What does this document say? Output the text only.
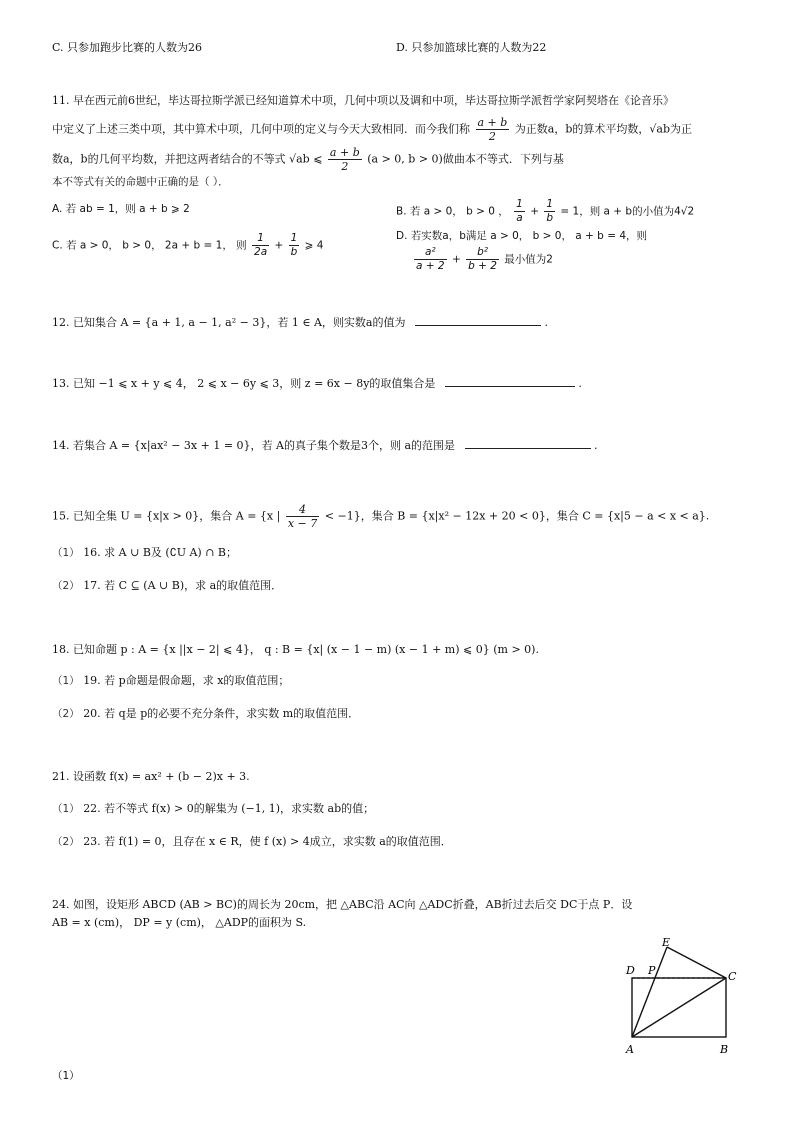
C. 只参加跑步比赛的人数为26	D. 只参加篮球比赛的人数为22
11. 早在西元前6世纪，毕达哥拉斯学派已经知道算术中项，几何中项以及调和中项，毕达哥拉斯学派哲学家阿契塔在《论音乐》
中定义了上述三类中项，其中算术中项，几何中项的定义与今天大致相同．而今我们称 $\frac{a + b}{2}$ 为正数a，b的算术平均数，√ab为正
数a，b的几何平均数，并把这两者结合的不等式 √ab ⩽ $\frac{a + b}{2} (a > 0$, b > 0)做曲本不等式．下列与基
本不等式有关的命题中正确的是（ ）．
A. 若 ab = 1，则 a + b ⩾ 2	B. 若 a > 0， b > 0 ， $\frac{1}{a} + \frac{1}{b} = 1$，则 a + b的小值为4√2
C. 若 a > 0， b > 0， 2a + b = 1， 则 $\frac{1}{2a} + \frac{1}{b}$ ⩾ 4
D. 若实数a，b满足 a > 0， b > 0， a + b = 4，则
$\frac{\text{a²}}{a + 2} + \frac{\text{b²}}{b + 2}$ 最小值为2
12. 已知集合 A = {a + 1, a − 1, a² − 3}，若 1 ∈ A，则实数a的值为	.
13. 已知 −1 ⩽ x + y ⩽ 4， 2 ⩽ x − 6y ⩽ 3，则 z = 6x − 8y的取值集合是	.
14. 若集合 A = {x|ax² − 3x + 1 = 0}，若 A的真子集个数是3个，则 a的范围是	.
15. 已知全集 U = {x|x > 0}，集合 A = {x | $\frac{4}{x - 7} < -1$}，集合 B = {x|x² − 12x + 20 < 0}，集合 C = {x|5 − a < x < a}.
（1） 16. 求 A ∪ B及 (∁U A) ∩ B；
（2） 17. 若 C ⊆ (A ∪ B)，求 a的取值范围．
18. 已知命题 p : A = {x ||x − 2| ⩽ 4}， q : B = {x| (x − 1 − m) (x − 1 + m) ⩽ 0} (m > 0).
（1） 19. 若 p命题是假命题，求 x的取值范围；
（2） 20. 若 q是 p的必要不充分条件，求实数 m的取值范围．
21. 设函数 f(x) = ax² + (b − 2)x + 3.
（1） 22. 若不等式 f(x) > 0的解集为 (−1, 1)，求实数 ab的值；
（2） 23. 若 f(1) = 0，且存在 x ∈ R，使 f (x) > 4成立，求实数 a的取值范围．
24. 如图，设矩形 ABCD (AB > BC)的周长为 20cm，把 △ABC沿 AC向 △ADC折叠，AB折过去后交 DC于点 P．设
AB = x (cm)， DP = y (cm)， △ADP的面积为 S.
E
D P	C
A	B
（1）
